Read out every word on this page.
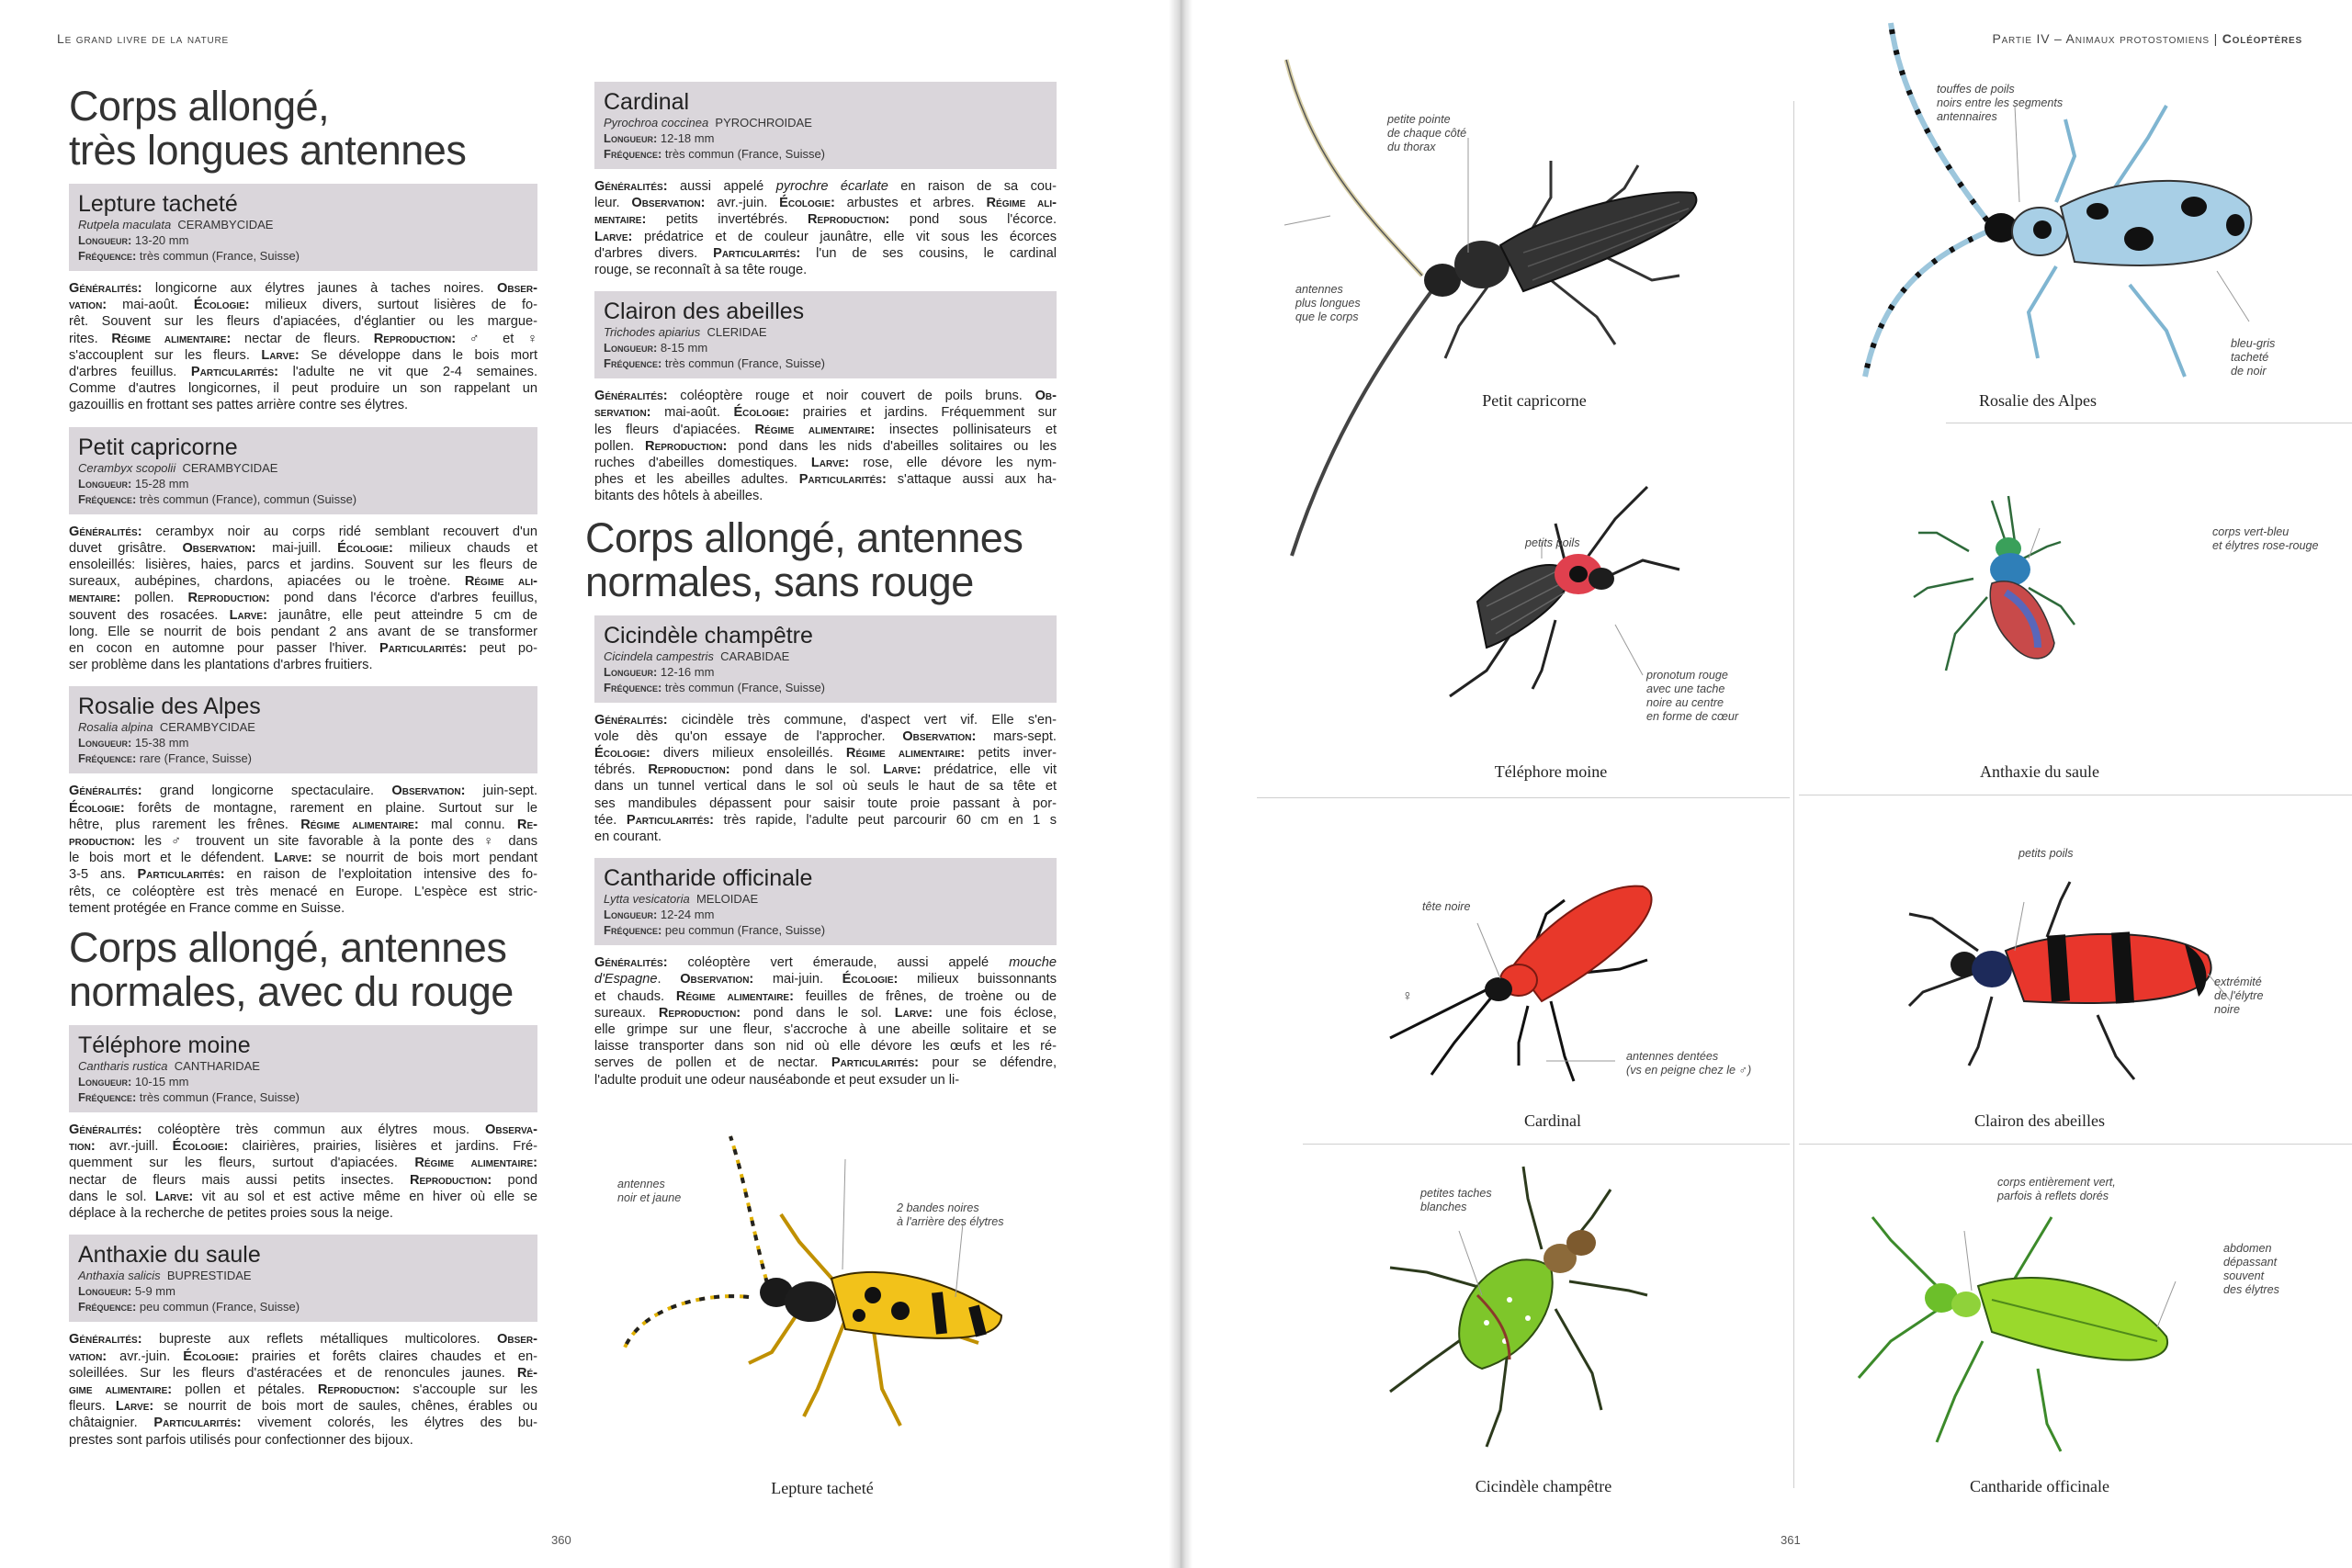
Le grand livre de la nature
Corps allongé,
très longues antennes
Lepture tacheté
Rutpela maculata CERAMBYCIDAE
Longueur: 13-20 mm
Fréquence: très commun (France, Suisse)
Généralités: longicorne aux élytres jaunes à taches noires. Obser-
vation: mai-août. Écologie: milieux divers, surtout lisières de fo-
rêt. Souvent sur les fleurs d'apiacées, d'églantier ou les margue-
rites. Régime alimentaire: nectar de fleurs. Reproduction: ♂ et ♀
s'accouplent sur les fleurs. Larve: Se développe dans le bois mort
d'arbres feuillus. Particularités: l'adulte ne vit que 2-4 semaines.
Comme d'autres longicornes, il peut produire un son rappelant un
gazouillis en frottant ses pattes arrière contre ses élytres.
Petit capricorne
Cerambyx scopolii CERAMBYCIDAE
Longueur: 15-28 mm
Fréquence: très commun (France), commun (Suisse)
Généralités: cerambyx noir au corps ridé semblant recouvert d'un
duvet grisâtre. Observation: mai-juill. Écologie: milieux chauds et
ensoleillés: lisières, haies, parcs et jardins. Souvent sur les fleurs de
sureaux, aubépines, chardons, apiacées ou le troène. Régime ali-
mentaire: pollen. Reproduction: pond dans l'écorce d'arbres feuillus,
souvent des rosacées. Larve: jaunâtre, elle peut atteindre 5 cm de
long. Elle se nourrit de bois pendant 2 ans avant de se transformer
en cocon en automne pour passer l'hiver. Particularités: peut po-
ser problème dans les plantations d'arbres fruitiers.
Rosalie des Alpes
Rosalia alpina CERAMBYCIDAE
Longueur: 15-38 mm
Fréquence: rare (France, Suisse)
Généralités: grand longicorne spectaculaire. Observation: juin-sept.
Écologie: forêts de montagne, rarement en plaine. Surtout sur le
hêtre, plus rarement les frênes. Régime alimentaire: mal connu. Re-
production: les ♂ trouvent un site favorable à la ponte des ♀ dans
le bois mort et le défendent. Larve: se nourrit de bois mort pendant
3-5 ans. Particularités: en raison de l'exploitation intensive des fo-
rêts, ce coléoptère est très menacé en Europe. L'espèce est stric-
tement protégée en France comme en Suisse.
Corps allongé, antennes
normales, avec du rouge
Téléphore moine
Cantharis rustica CANTHARIDAE
Longueur: 10-15 mm
Fréquence: très commun (France, Suisse)
Généralités: coléoptère très commun aux élytres mous. Observa-
tion: avr.-juill. Écologie: clairières, prairies, lisières et jardins. Fré-
quemment sur les fleurs, surtout d'apiacées. Régime alimentaire:
nectar de fleurs mais aussi petits insectes. Reproduction: pond
dans le sol. Larve: vit au sol et est active même en hiver où elle se
déplace à la recherche de petites proies sous la neige.
Anthaxie du saule
Anthaxia salicis BUPRESTIDAE
Longueur: 5-9 mm
Fréquence: peu commun (France, Suisse)
Généralités: bupreste aux reflets métalliques multicolores. Obser-
vation: avr.-juin. Écologie: prairies et forêts claires chaudes et en-
soleillées. Sur les fleurs d'astéracées et de renoncules jaunes. Ré-
gime alimentaire: pollen et pétales. Reproduction: s'accouple sur les
fleurs. Larve: se nourrit de bois mort de saules, chênes, érables ou
châtaignier. Particularités: vivement colorés, les élytres des bu-
prestes sont parfois utilisés pour confectionner des bijoux.
Cardinal
Pyrochroa coccinea PYROCHROIDAE
Longueur: 12-18 mm
Fréquence: très commun (France, Suisse)
Généralités: aussi appelé pyrochre écarlate en raison de sa cou-
leur. Observation: avr.-juin. Écologie: arbustes et arbres. Régime ali-
mentaire: petits invertébrés. Reproduction: pond sous l'écorce.
Larve: prédatrice et de couleur jaunâtre, elle vit sous les écorces
d'arbres divers. Particularités: l'un de ses cousins, le cardinal
rouge, se reconnaît à sa tête rouge.
Clairon des abeilles
Trichodes apiarius CLERIDAE
Longueur: 8-15 mm
Fréquence: très commun (France, Suisse)
Généralités: coléoptère rouge et noir couvert de poils bruns. Ob-
servation: mai-août. Écologie: prairies et jardins. Fréquemment sur
les fleurs d'apiacées. Régime alimentaire: insectes pollinisateurs et
pollen. Reproduction: pond dans les nids d'abeilles solitaires ou les
ruches d'abeilles domestiques. Larve: rose, elle dévore les nym-
phes et les abeilles adultes. Particularités: s'attaque aussi aux ha-
bitants des hôtels à abeilles.
Corps allongé, antennes
normales, sans rouge
Cicindèle champêtre
Cicindela campestris CARABIDAE
Longueur: 12-16 mm
Fréquence: très commun (France, Suisse)
Généralités: cicindèle très commune, d'aspect vert vif. Elle s'en-
vole dès qu'on essaye de l'approcher. Observation: mars-sept.
Écologie: divers milieux ensoleillés. Régime alimentaire: petits inver-
tébrés. Reproduction: pond dans le sol. Larve: prédatrice, elle vit
dans un tunnel vertical dans le sol où seuls le haut de sa tête et
ses mandibules dépassent pour saisir toute proie passant à por-
tée. Particularités: très rapide, l'adulte peut parcourir 60 cm en 1 s
en courant.
Cantharide officinale
Lytta vesicatoria MELOIDAE
Longueur: 12-24 mm
Fréquence: peu commun (France, Suisse)
Généralités: coléoptère vert émeraude, aussi appelé mouche
d'Espagne. Observation: mai-juin. Écologie: milieux buissonnants
et chauds. Régime alimentaire: feuilles de frênes, de troène ou de
sureaux. Reproduction: pond dans le sol. Larve: une fois éclose,
elle grimpe sur une fleur, s'accroche à une abeille solitaire et se
laisse transporter dans son nid où elle dévore les œufs et les ré-
serves de pollen et de nectar. Particularités: pour se défendre,
l'adulte produit une odeur nauséabonde et peut exsuder un li-
antennes
noir et jaune
2 bandes noires
à l'arrière des élytres
Lepture tacheté
360
Partie IV – Animaux protostomiens | Coléoptères
petite pointe
de chaque côté
du thorax
antennes
plus longues
que le corps
Petit capricorne
touffes de poils
noirs entre les segments
antennaires
bleu-gris
tacheté
de noir
Rosalie des Alpes
petits poils
pronotum rouge
avec une tache
noire au centre
en forme de cœur
Téléphore moine
corps vert-bleu
et élytres rose-rouge
Anthaxie du saule
tête noire
♀
antennes dentées
(vs en peigne chez le ♂)
Cardinal
petits poils
extrémité
de l'élytre
noire
Clairon des abeilles
petites taches
blanches
Cicindèle champêtre
corps entièrement vert,
parfois à reflets dorés
abdomen
dépassant
souvent
des élytres
Cantharide officinale
361
